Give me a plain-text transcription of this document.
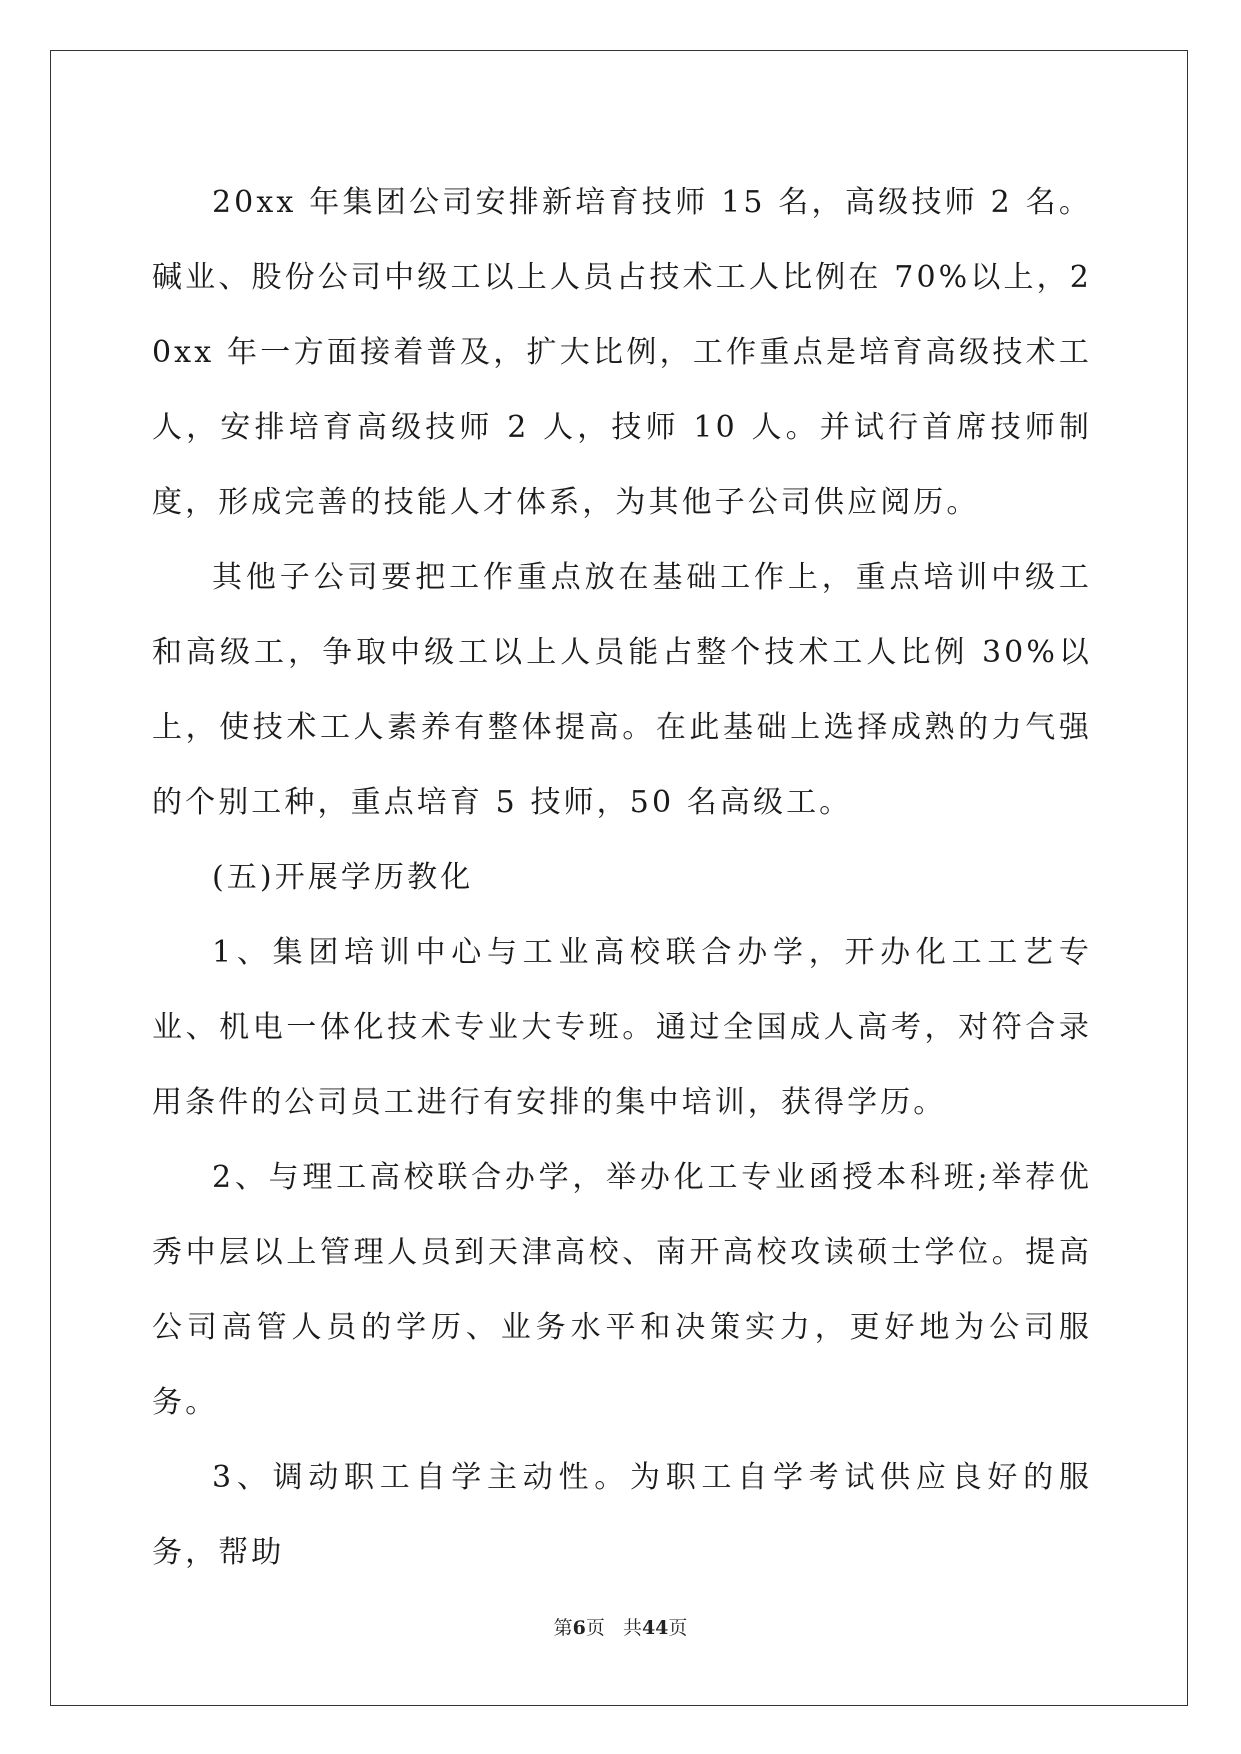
20xx 年集团公司安排新培育技师 15 名，高级技师 2 名。碱业、股份公司中级工以上人员占技术工人比例在 70%以上，20xx 年一方面接着普及，扩大比例，工作重点是培育高级技术工人，安排培育高级技师 2 人，技师 10 人。并试行首席技师制度，形成完善的技能人才体系，为其他子公司供应阅历。

其他子公司要把工作重点放在基础工作上，重点培训中级工和高级工，争取中级工以上人员能占整个技术工人比例 30%以上，使技术工人素养有整体提高。在此基础上选择成熟的力气强的个别工种，重点培育 5 技师，50 名高级工。

(五)开展学历教化

1、集团培训中心与工业高校联合办学，开办化工工艺专业、机电一体化技术专业大专班。通过全国成人高考，对符合录用条件的公司员工进行有安排的集中培训，获得学历。

2、与理工高校联合办学，举办化工专业函授本科班;举荐优秀中层以上管理人员到天津高校、南开高校攻读硕士学位。提高公司高管人员的学历、业务水平和决策实力，更好地为公司服务。

3、调动职工自学主动性。为职工自学考试供应良好的服务，帮助

第6页   共44页
